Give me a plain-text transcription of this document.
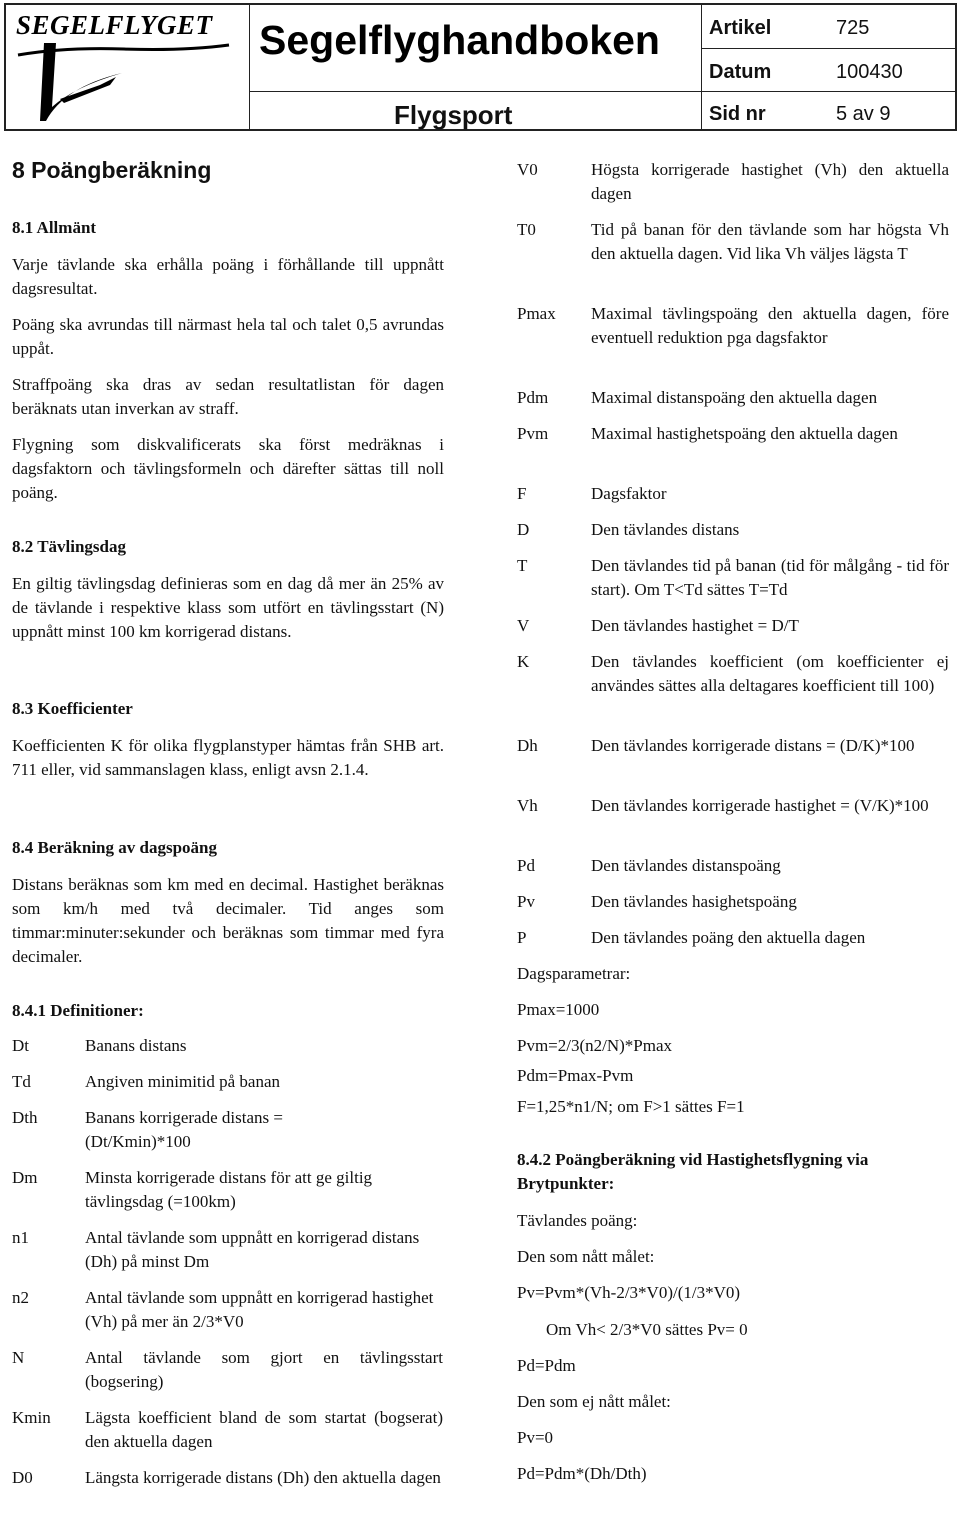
SEGELFLYGET Segelflyghandboken
Flygsport
Artikel	725
Datum	100430
Sid nr	5 av 9
8 Poängberäkning
8.1 Allmänt
Varje tävlande ska erhålla poäng i förhållande till uppnått dagsresultat.
Poäng ska avrundas till närmast hela tal och talet 0,5 avrundas uppåt.
Straffpoäng ska dras av sedan resultatlistan för dagen beräknats utan inverkan av straff.
Flygning som diskvalificerats ska först medräknas i dagsfaktorn och tävlingsformeln och därefter sättas till noll poäng.
8.2 Tävlingsdag
En giltig tävlingsdag definieras som en dag då mer än 25% av de tävlande i respektive klass som utfört en tävlingsstart (N) uppnått minst 100 km korrigerad distans.
8.3 Koefficienter
Koefficienten K för olika flygplanstyper hämtas från SHB art. 711 eller, vid sammanslagen klass, enligt avsn 2.1.4.
8.4 Beräkning av dagspoäng
Distans beräknas som km med en decimal. Hastighet beräknas som km/h med två decimaler. Tid anges som timmar:minuter:sekunder och beräknas som timmar med fyra decimaler.
8.4.1 Definitioner:
Dt	Banans distans
Td	Angiven minimitid på banan
Dth	Banans korrigerade distans = (Dt/Kmin)*100
Dm	Minsta korrigerade distans för att ge giltig tävlingsdag (=100km)
n1	Antal tävlande som uppnått en korrigerad distans (Dh) på minst Dm
n2	Antal tävlande som uppnått en korrigerad hastighet (Vh) på mer än 2/3*V0
N	Antal tävlande som gjort en tävlingsstart (bogsering)
Kmin Lägsta koefficient bland de som startat (bogserat) den aktuella dagen
D0	Längsta korrigerade distans (Dh) den aktuella dagen
V0	Högsta korrigerade hastighet (Vh) den aktuella dagen
T0	Tid på banan för den tävlande som har högsta Vh den aktuella dagen. Vid lika Vh väljes lägsta T
Pmax Maximal tävlingspoäng den aktuella dagen, före eventuell reduktion pga dagsfaktor
Pdm	Maximal distanspoäng den aktuella dagen
Pvm	Maximal hastighetspoäng den aktuella dagen
F	Dagsfaktor
D	Den tävlandes distans
T	Den tävlandes tid på banan (tid för målgång - tid för start). Om T<Td sättes T=Td
V	Den tävlandes hastighet = D/T
K	Den tävlandes koefficient (om koefficienter ej användes sättes alla deltagares koefficient till 100)
Dh	Den tävlandes korrigerade distans = (D/K)*100
Vh	Den tävlandes korrigerade hastighet = (V/K)*100
Pd	Den tävlandes distanspoäng
Pv	Den tävlandes hasighetspoäng
P	Den tävlandes poäng den aktuella dagen
Dagsparametrar:
Pmax=1000
Pvm=2/3(n2/N)*Pmax
Pdm=Pmax-Pvm
F=1,25*n1/N; om F>1 sättes F=1
8.4.2 Poängberäkning vid Hastighetsflygning via Brytpunkter:
Tävlandes poäng:
Den som nått målet:
Pv=Pvm*(Vh-2/3*V0)/(1/3*V0)
Om Vh< 2/3*V0 sättes Pv= 0
Pd=Pdm
Den som ej nått målet:
Pv=0
Pd=Pdm*(Dh/Dth)
